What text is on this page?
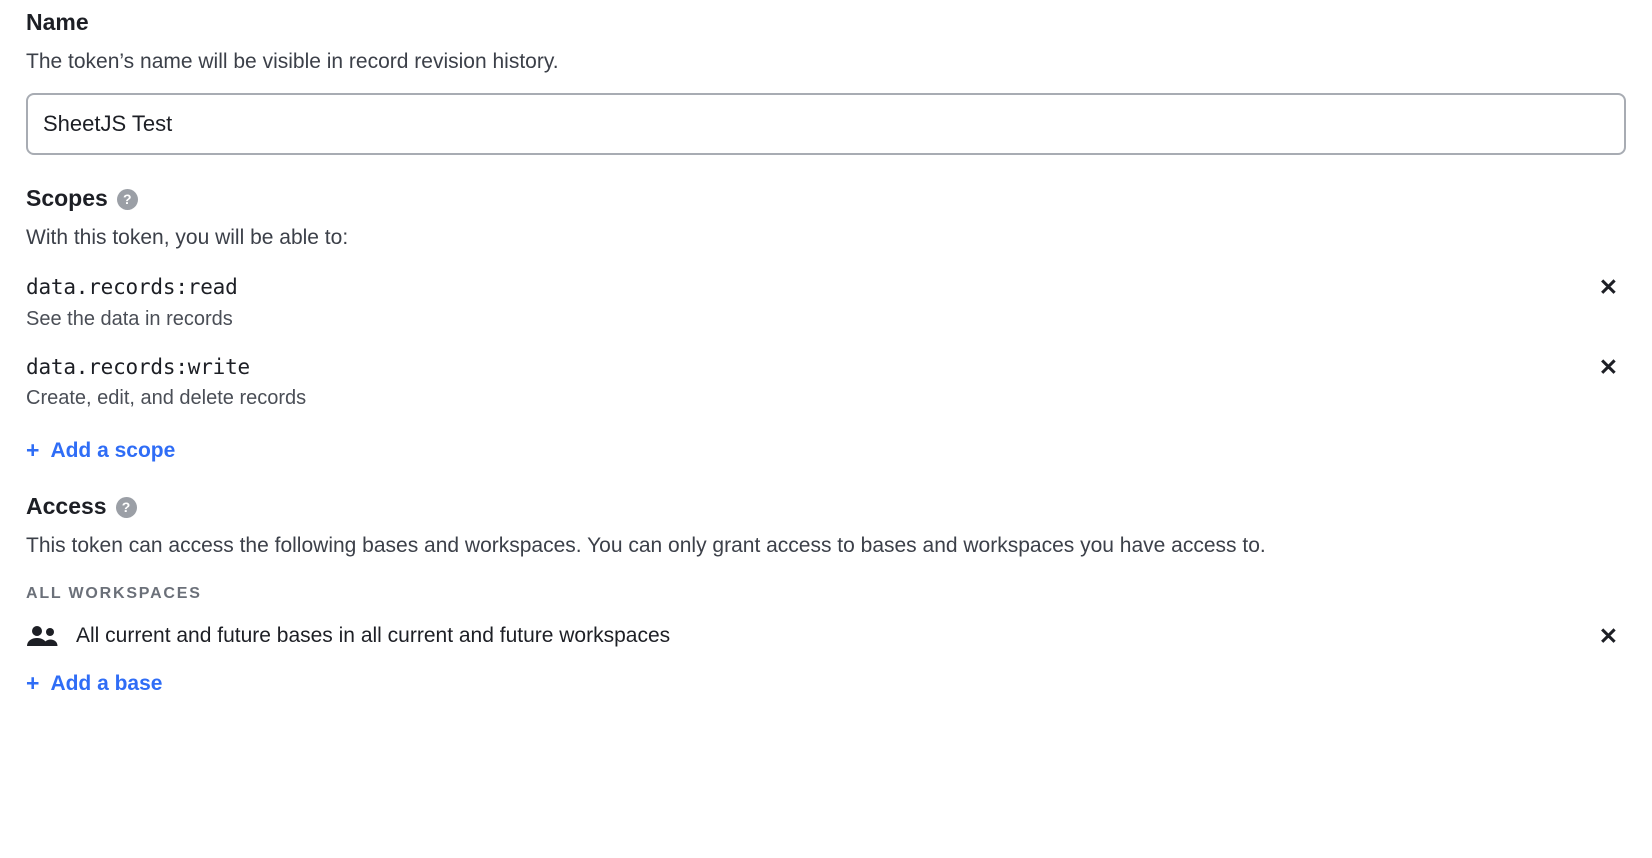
Name
The token’s name will be visible in record revision history.
SheetJS Test
Scopes	?
With this token, you will be able to:
data.records:read
See the data in records
✕
data.records:write
Create, edit, and delete records
✕
+ Add a scope
Access	?
This token can access the following bases and workspaces. You can only grant access to bases and workspaces you have access to.
ALL WORKSPACES
All current and future bases in all current and future workspaces	✕
+ Add a base
